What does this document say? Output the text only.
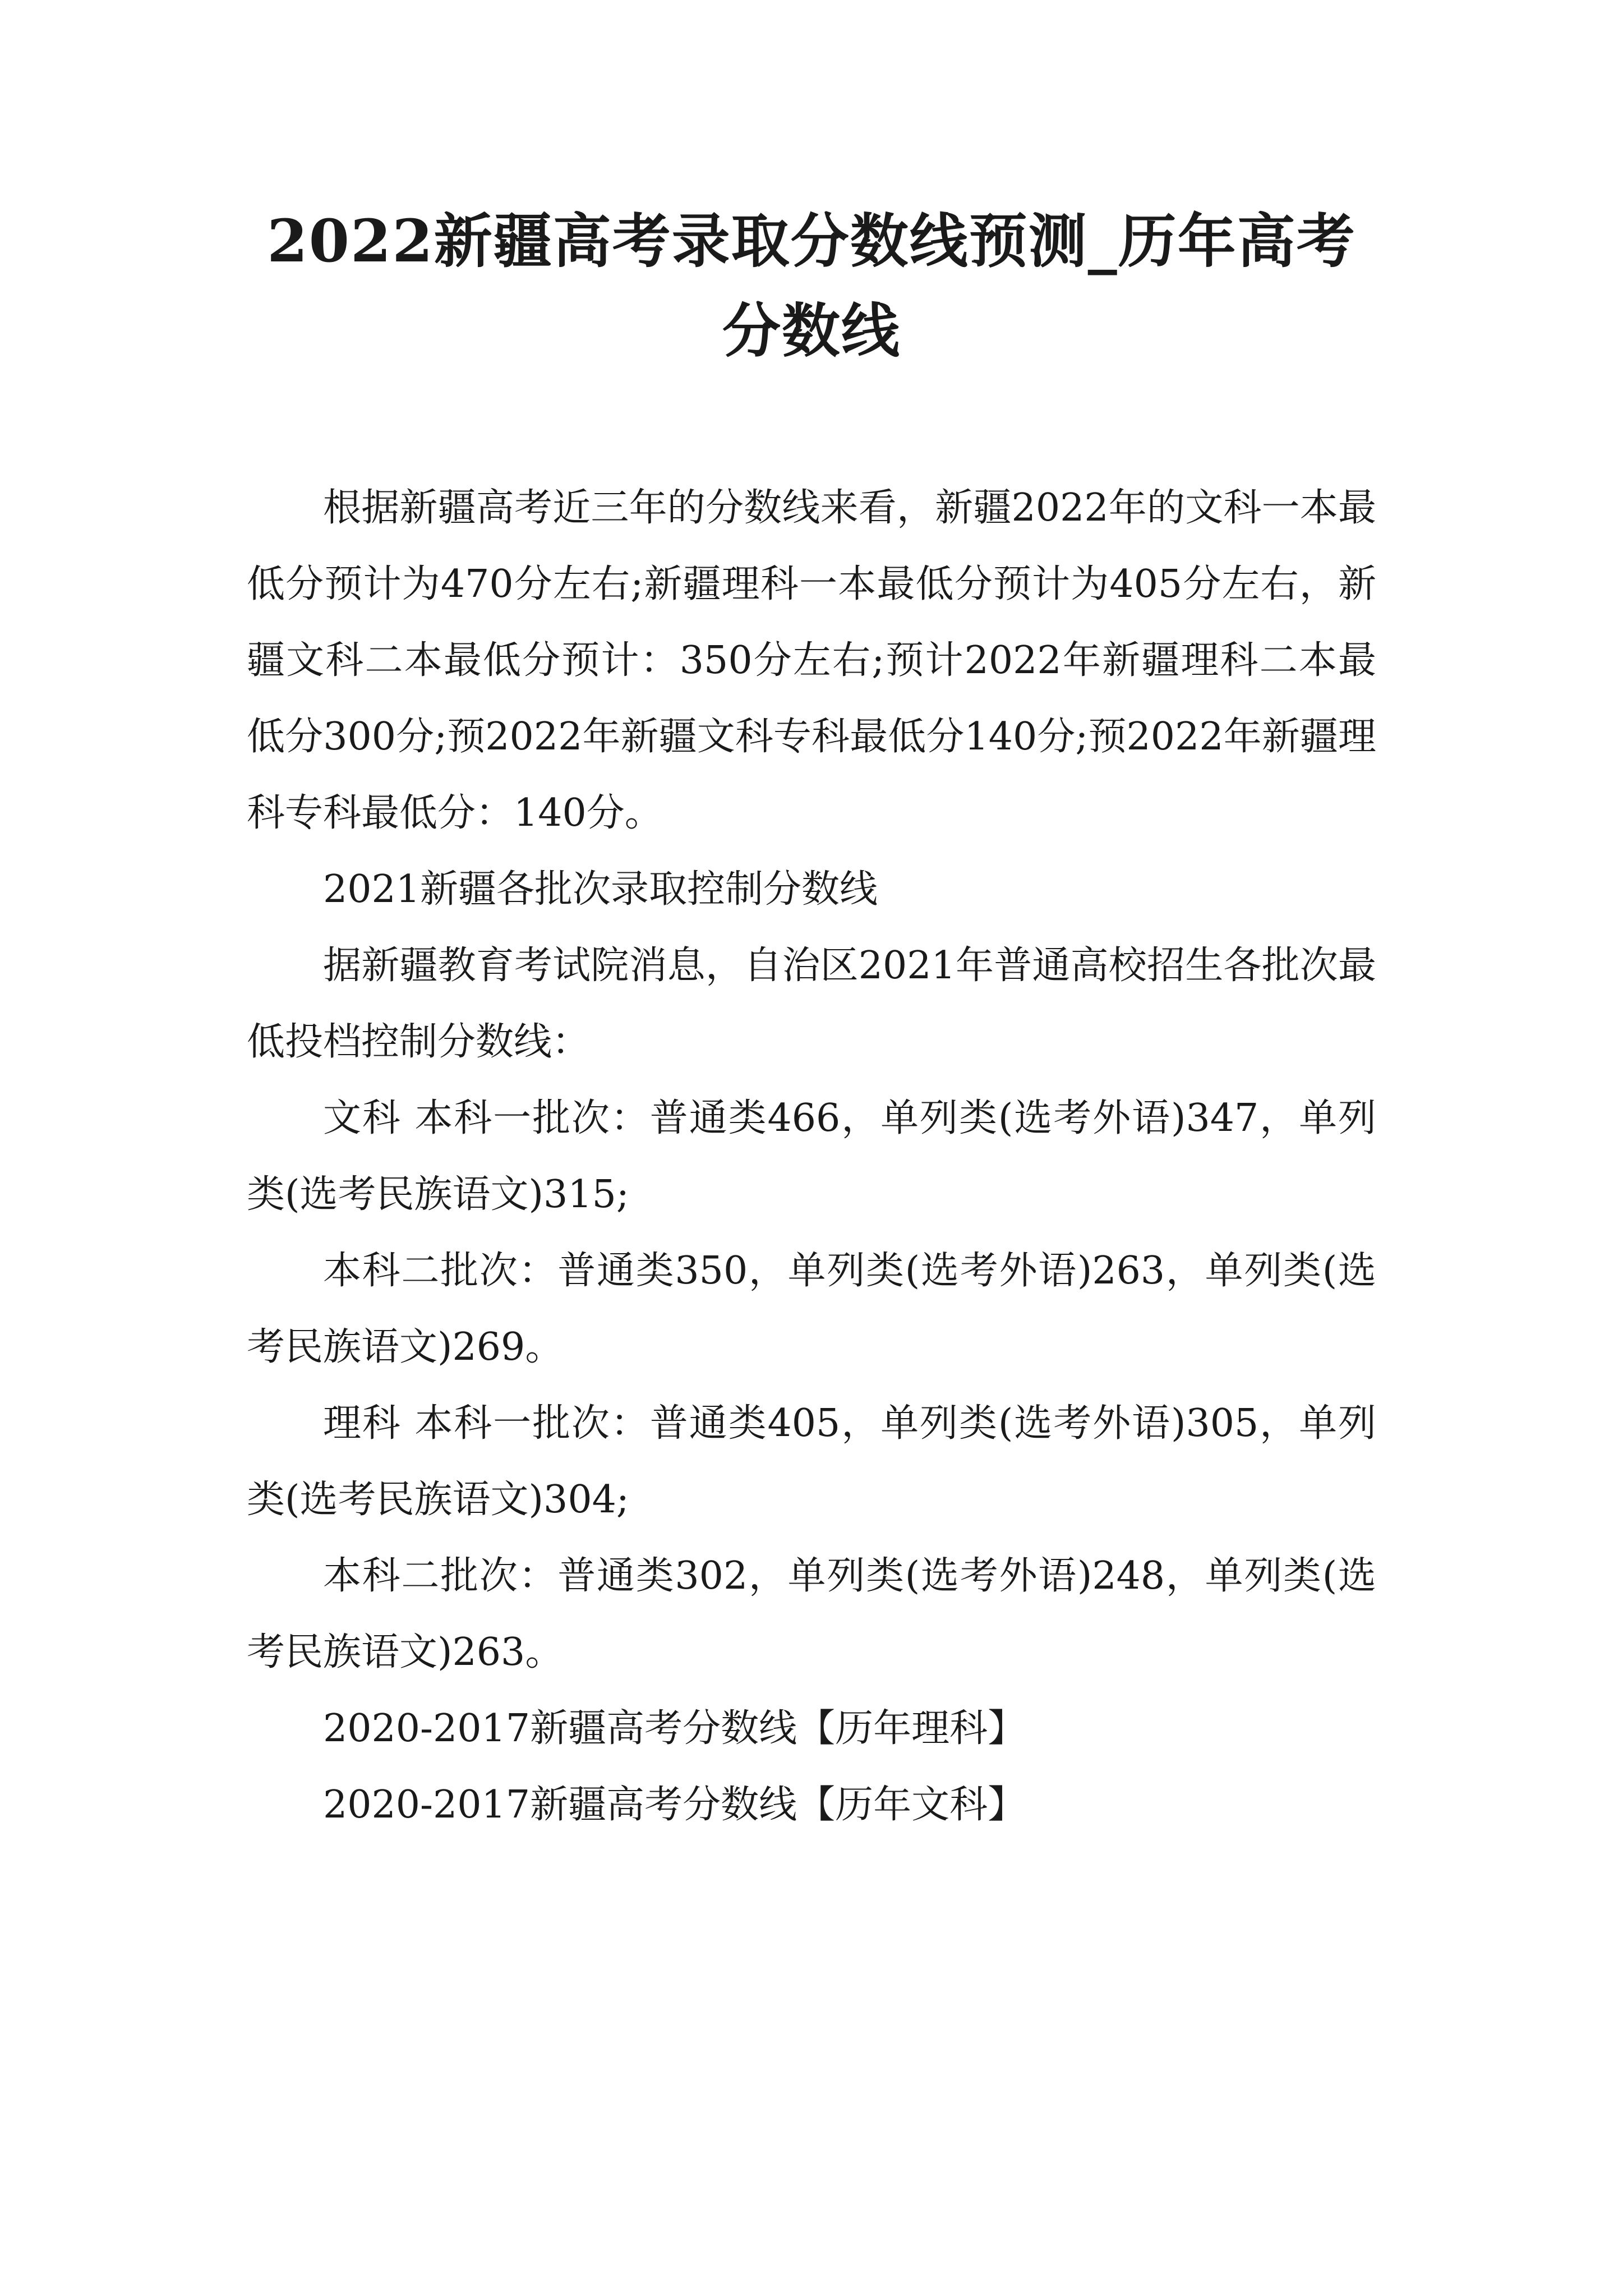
2022新疆高考录取分数线预测_历年高考分数线

根据新疆高考近三年的分数线来看，新疆2022年的文科一本最低分预计为470分左右;新疆理科一本最低分预计为405分左右，新疆文科二本最低分预计：350分左右;预计2022年新疆理科二本最低分300分;预2022年新疆文科专科最低分140分;预2022年新疆理科专科最低分：140分。

2021新疆各批次录取控制分数线

据新疆教育考试院消息，自治区2021年普通高校招生各批次最低投档控制分数线：

文科 本科一批次：普通类466，单列类(选考外语)347，单列类(选考民族语文)315;

本科二批次：普通类350，单列类(选考外语)263，单列类(选考民族语文)269。

理科 本科一批次：普通类405，单列类(选考外语)305，单列类(选考民族语文)304;

本科二批次：普通类302，单列类(选考外语)248，单列类(选考民族语文)263。

2020-2017新疆高考分数线【历年理科】

2020-2017新疆高考分数线【历年文科】
